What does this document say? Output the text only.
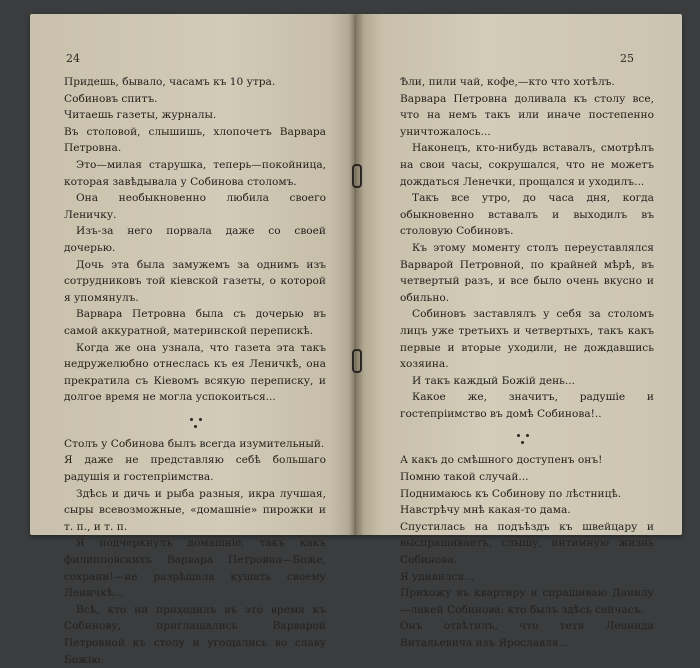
24

Придешь, бывало, часамъ къ 10 утра.

Собиновъ спитъ.

Читаешь газеты, журналы.

Въ столовой, слышишь, хлопочетъ Варвара Петровна.

Это—милая старушка, теперь—покойница, которая завѣдывала у Собинова столомъ.

Она необыкновенно любила своего Леничку.

Изъ-за него порвала даже со своей дочерью.

Дочь эта была замужемъ за однимъ изъ сотрудниковъ той кіевской газеты, о которой я упомянулъ.

Варвара Петровна была съ дочерью въ самой аккуратной, материнской перепискѣ.

Когда же она узнала, что газета эта такъ недружелюбно отнеслась къ ея Леничкѣ, она прекратила съ Кіевомъ всякую переписку, и долгое время не могла успокоиться...

Столъ у Собинова былъ всегда изумительный.

Я даже не представляю себѣ большаго радушія и гостепріимства.

Здѣсь и дичь и рыба разныя, икра лучшая, сыры всевозможные, «домашніе» пирожки и т. п., и т. п.

Я подчеркнулъ домашніе, такъ какъ филипповскихъ Варвара Петровна—Боже, сохрани!—не разрѣшала кушать своему Леничкѣ...

Всѣ, кто ни приходилъ въ это время къ Собинову, приглашались Варварой Петровной къ столу и угощались во славу Божію.

25

Ѣли, пили чай, кофе,—кто что хотѣлъ.

Варвара Петровна доливала къ столу все, что на немъ такъ или иначе постепенно уничтожалось...

Наконецъ, кто-нибудь вставалъ, смотрѣлъ на свои часы, сокрушался, что не можетъ дождаться Ленечки, прощался и уходилъ...

Такъ все утро, до часа дня, когда обыкновенно вставалъ и выходилъ въ столовую Собиновъ.

Къ этому моменту столъ переуставлялся Варварой Петровной, по крайней мѣрѣ, въ четвертый разъ, и все было очень вкусно и обильно.

Собиновъ заставлялъ у себя за столомъ лицъ уже третьихъ и четвертыхъ, такъ какъ первые и вторые уходили, не дождавшись хозяина.

И такъ каждый Божій день...

Какое же, значитъ, радушіе и гостепріимство въ домѣ Собинова!..

А какъ до смѣшного доступенъ онъ!

Помню такой случай...

Поднимаюсь къ Собинову по лѣстницѣ.

Навстрѣчу мнѣ какая-то дама.

Спустилась на подъѣздъ къ швейцару и выспрашиваетъ, слышу, интимную жизнь Собинова.

Я удивился...

Прихожу въ квартиру и спрашиваю Данилу—лакей Собинова: кто былъ здѣсь сейчасъ.

Онъ отвѣтилъ, что тетя Леонида Витальевича изъ Ярославля...
